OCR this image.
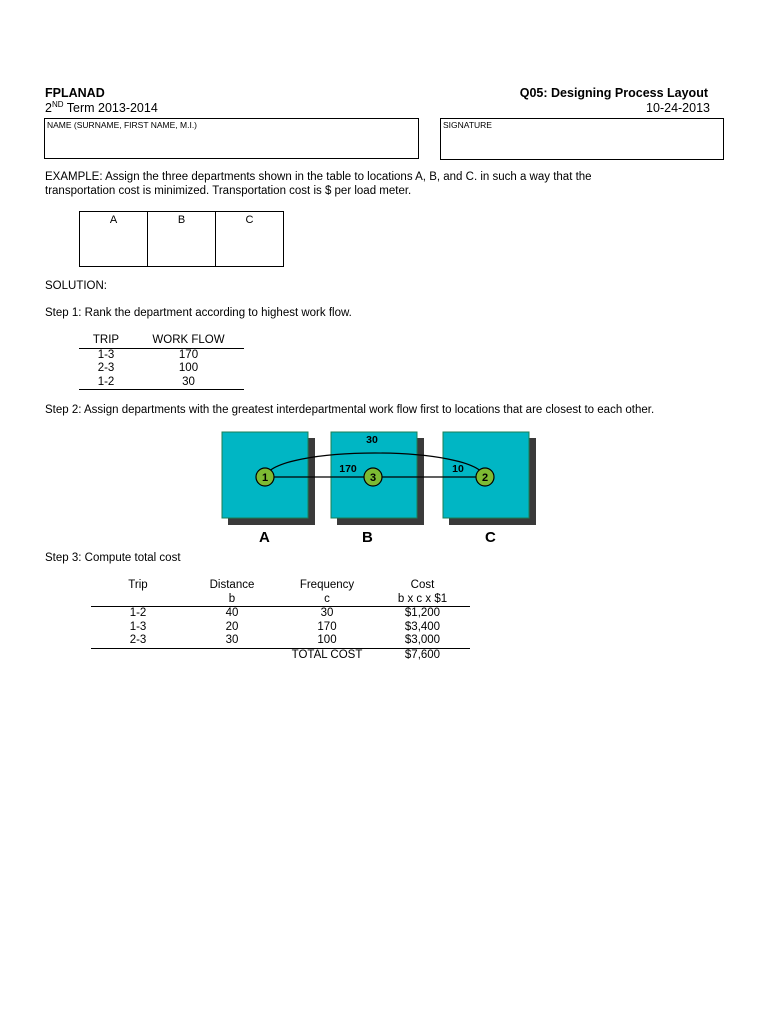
FPLANAD
2ND Term 2013-2014
Q05: Designing Process Layout
10-24-2013
NAME (SURNAME, FIRST NAME, M.I.)	SIGNATURE
EXAMPLE: Assign the three departments shown in the table to locations A, B, and C. in such a way that the
transportation cost is minimized. Transportation cost is $ per load meter.
A	B	C
SOLUTION:
Step 1: Rank the department according to highest work flow.
TRIP	WORK FLOW
1-3	170
2-3	100
1-2	30
Step 2: Assign departments with the greatest interdepartmental work flow first to locations that are closest to each other.
30
170	10
1	3	2
A	B	C
Step 3: Compute total cost
Trip	Distance	Frequency	Cost
	b	c	b x c x $1
1-2	40	30	$1,200
1-3	20	170	$3,400
2-3	30	100	$3,000
		TOTAL COST	$7,600
